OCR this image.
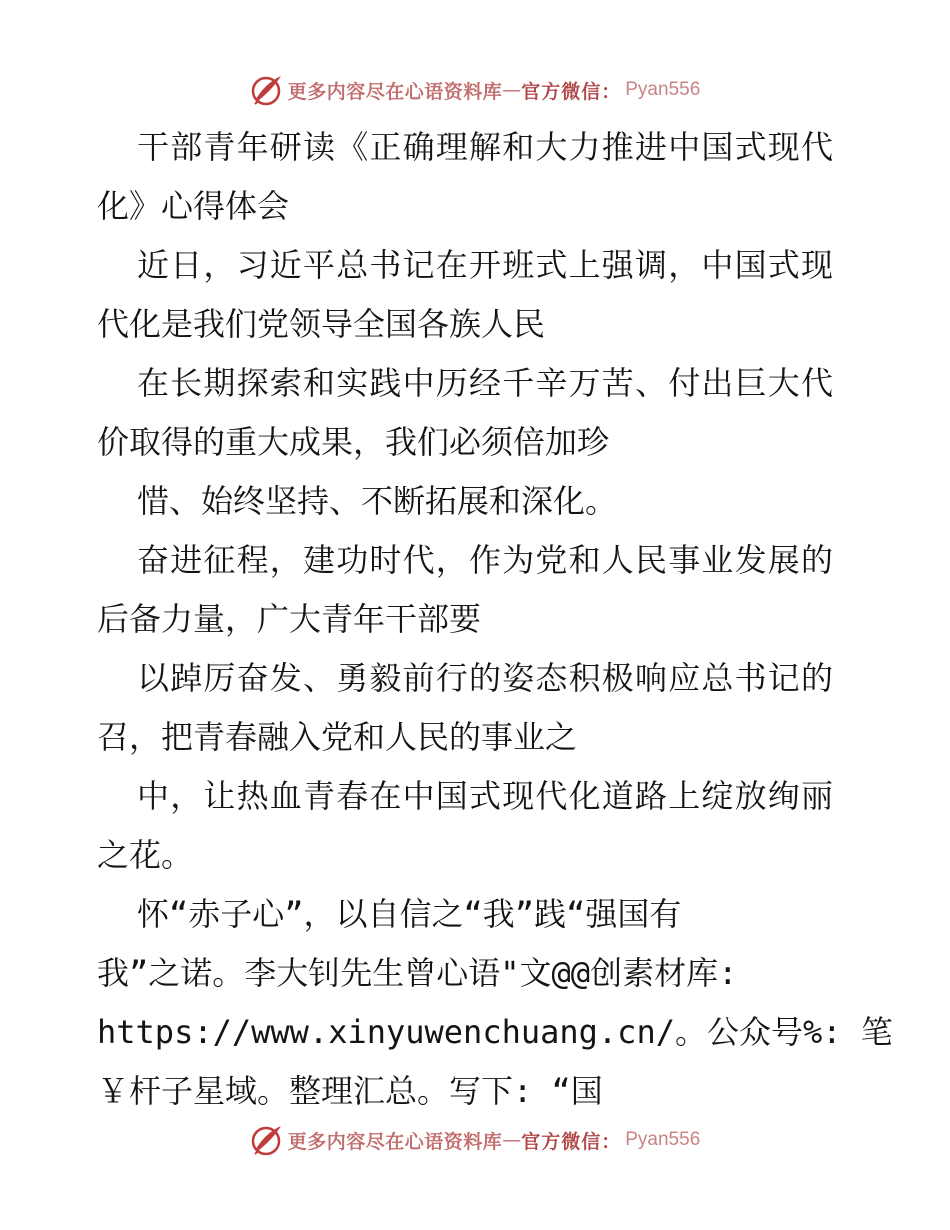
更多内容尽在心语资料库 — 官方微信： Pyan556
干部青年研读《正确理解和大力推进中国式现代
化》心得体会
近日，习近平总书记在开班式上强调，中国式现
代化是我们党领导全国各族人民
在长期探索和实践中历经千辛万苦、付出巨大代
价取得的重大成果，我们必须倍加珍
惜、始终坚持、不断拓展和深化。
奋进征程，建功时代，作为党和人民事业发展的
后备力量，广大青年干部要
以踔厉奋发、勇毅前行的姿态积极响应总书记的
召，把青春融入党和人民的事业之
中，让热血青春在中国式现代化道路上绽放绚丽
之花。
怀“赤子心”，以自信之“我”践“强国有
我”之诺。李大钊先生曾心语"文@@创素材库:
https://www.xinyuwenchuang.cn/。公众号%: 笔
￥杆子星域。整理汇总。写下: “国
更多内容尽在心语资料库 — 官方微信： Pyan556
